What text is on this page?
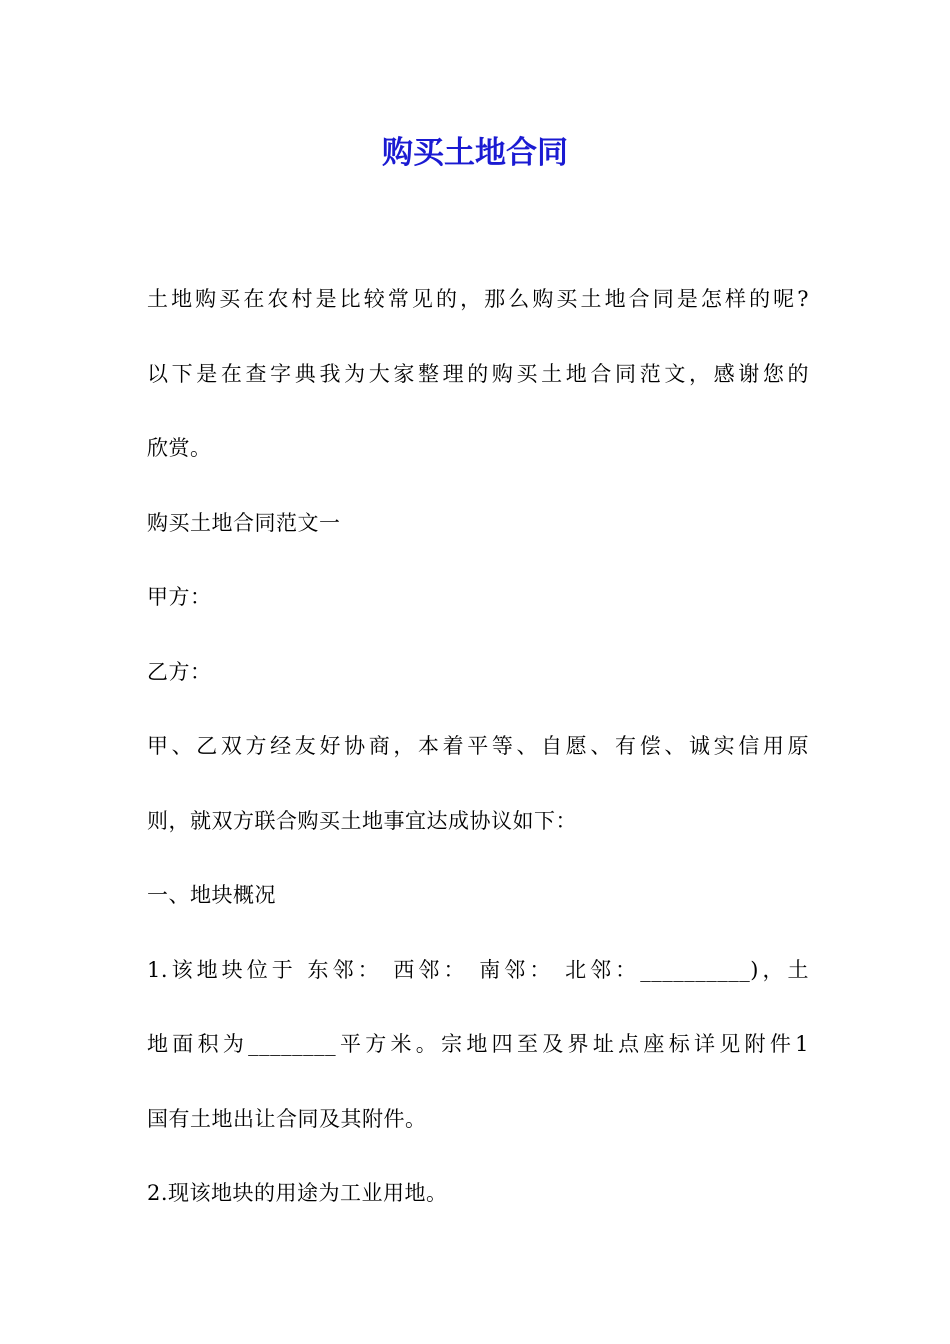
购买土地合同

土地购买在农村是比较常见的，那么购买土地合同是怎样的呢?

以下是在查字典我为大家整理的购买土地合同范文，感谢您的

欣赏。

购买土地合同范文一

甲方：

乙方：

甲、乙双方经友好协商，本着平等、自愿、有偿、诚实信用原

则，就双方联合购买土地事宜达成协议如下：

一、地块概况

1.该地块位于 东邻： 西邻： 南邻： 北邻：__________)，土

地面积为________平方米。宗地四至及界址点座标详见附件1

国有土地出让合同及其附件。

2.现该地块的用途为工业用地。
